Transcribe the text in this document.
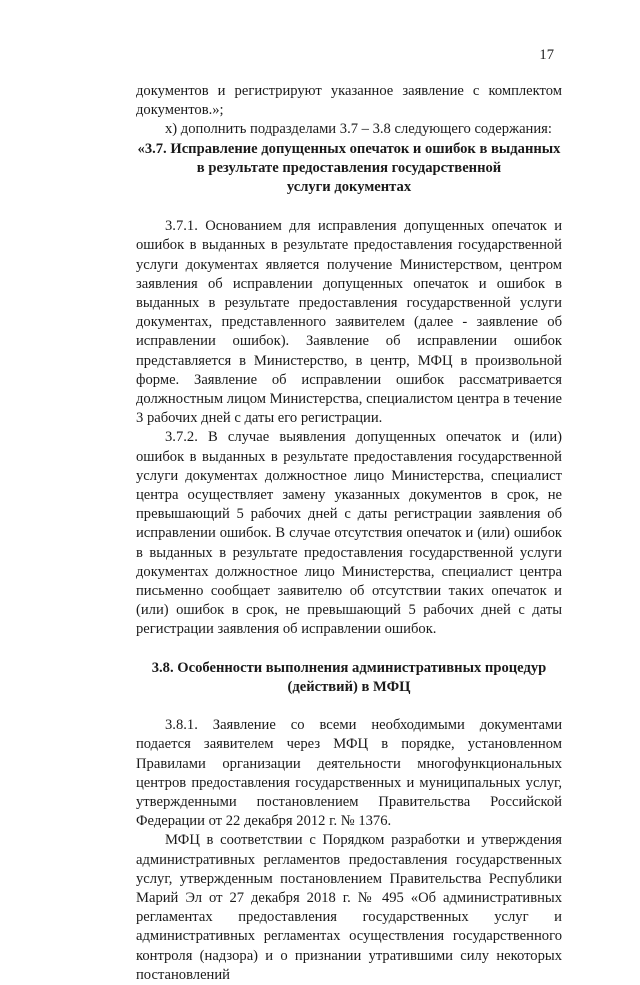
17

документов и регистрируют указанное заявление с комплектом документов.»;

х) дополнить подразделами 3.7 – 3.8 следующего содержания:

«3.7. Исправление допущенных опечаток и ошибок в выданных
в результате предоставления государственной
услуги документах

3.7.1. Основанием для исправления допущенных опечаток и ошибок в выданных в результате предоставления государственной услуги документах является получение Министерством, центром заявления об исправлении допущенных опечаток и ошибок в выданных в результате предоставления государственной услуги документах, представленного заявителем (далее - заявление об исправлении ошибок). Заявление об исправлении ошибок представляется в Министерство, в центр, МФЦ в произвольной форме. Заявление об исправлении ошибок рассматривается должностным лицом Министерства, специалистом центра в течение 3 рабочих дней с даты его регистрации.

3.7.2. В случае выявления допущенных опечаток и (или) ошибок в выданных в результате предоставления государственной услуги документах должностное лицо Министерства, специалист центра осуществляет замену указанных документов в срок, не превышающий 5 рабочих дней с даты регистрации заявления об исправлении ошибок. В случае отсутствия опечаток и (или) ошибок в выданных в результате предоставления государственной услуги документах должностное лицо Министерства, специалист центра письменно сообщает заявителю об отсутствии таких опечаток и (или) ошибок в срок, не превышающий 5 рабочих дней с даты регистрации заявления об исправлении ошибок.

3.8. Особенности выполнения административных процедур
(действий) в МФЦ

3.8.1. Заявление со всеми необходимыми документами подается заявителем через МФЦ в порядке, установленном Правилами организации деятельности многофункциональных центров предоставления государственных и муниципальных услуг, утвержденными постановлением Правительства Российской Федерации от 22 декабря 2012 г. № 1376.

МФЦ в соответствии с Порядком разработки и утверждения административных регламентов предоставления государственных услуг, утвержденным постановлением Правительства Республики Марий Эл от 27 декабря 2018 г. № 495 «Об административных регламентах предоставления государственных услуг и административных регламентах осуществления государственного контроля (надзора) и о признании утратившими силу некоторых постановлений
